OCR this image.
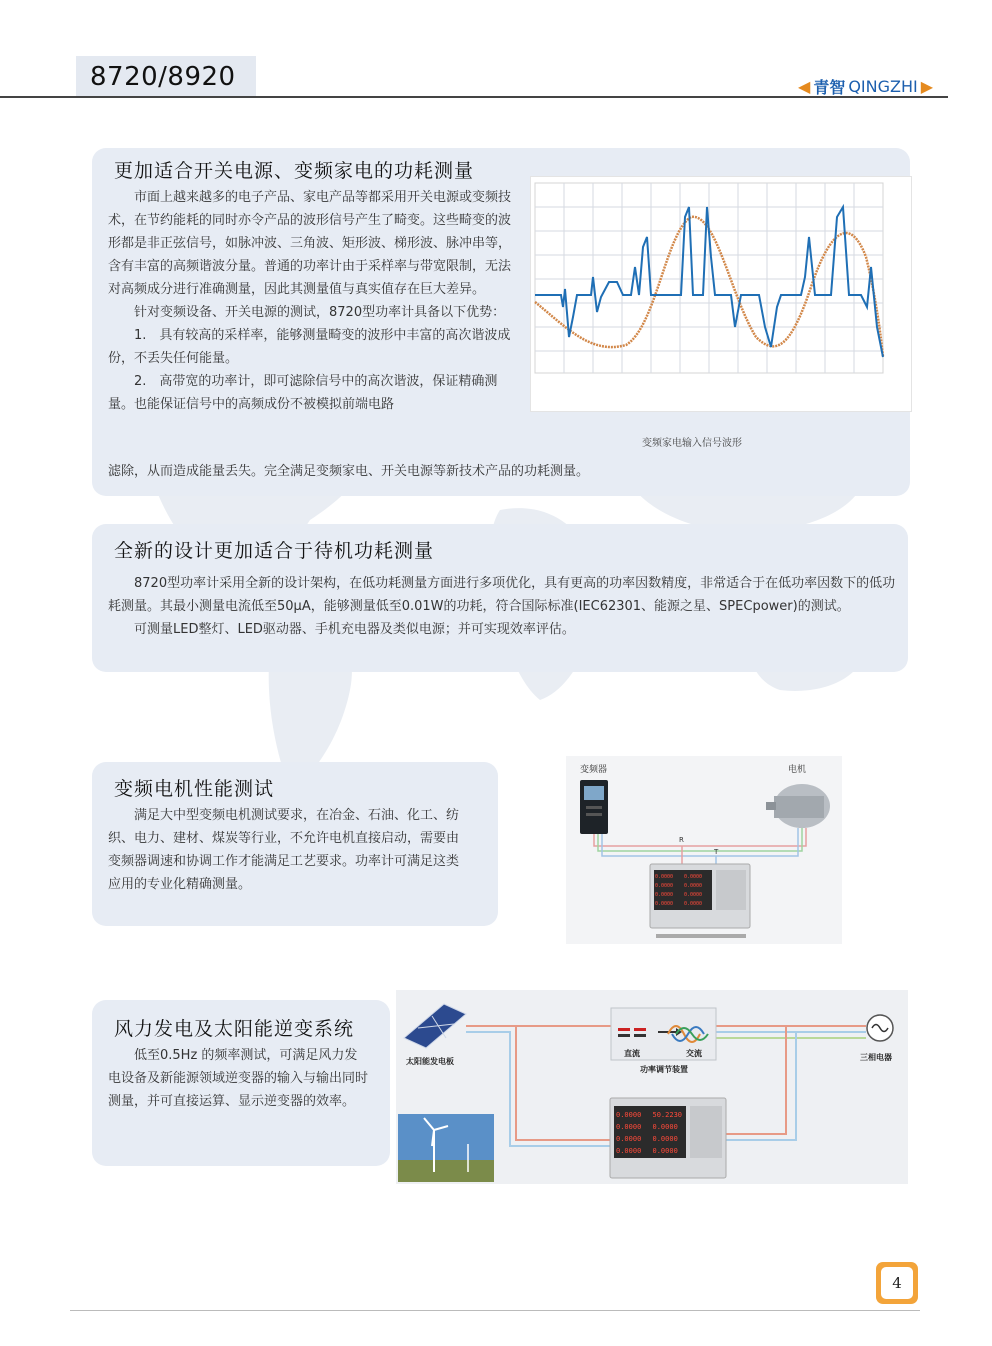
8720/8920	◀ 青智 QINGZHI ▶
更加适合开关电源、变频家电的功耗测量
变频家电输入信号波形

市面上越来越多的电子产品、家电产品等都采用开关电源或变频技术，在节约能耗的同时亦令产品的波形信号产生了畸变。这些畸变的波形都是非正弦信号，如脉冲波、三角波、矩形波、梯形波、脉冲串等，含有丰富的高频谐波分量。普通的功率计由于采样率与带宽限制，无法对高频成分进行准确测量，因此其测量值与真实值存在巨大差异。

针对变频设备、开关电源的测试，8720型功率计具备以下优势：

1.　具有较高的采样率，能够测量畸变的波形中丰富的高次谐波成份，不丢失任何能量。

2.　高带宽的功率计，即可滤除信号中的高次谐波，保证精确测量。也能保证信号中的高频成份不被模拟前端电路

滤除，从而造成能量丢失。完全满足变频家电、开关电源等新技术产品的功耗测量。
全新的设计更加适合于待机功耗测量

8720型功率计采用全新的设计架构，在低功耗测量方面进行多项优化，具有更高的功率因数精度，非常适合于在低功率因数下的低功耗测量。其最小测量电流低至50μA，能够测量低至0.01W的功耗，符合国际标准(IEC62301、能源之星、SPECpower)的测试。

可测量LED整灯、LED驱动器、手机充电器及类似电源；并可实现效率评估。

变频电机性能测试

满足大中型变频电机测试要求，在冶金、石油、化工、纺织、电力、建材、煤炭等行业，不允许电机直接启动，需要由变频器调速和协调工作才能满足工艺要求。功率计可满足这类应用的专业化精确测量。

变频器	电机
R
T
0.0000	0.0000
0.0000	0.0000
0.0000	0.0000
0.0000	0.0000
风力发电及太阳能逆变系统

低至0.5Hz 的频率测试，可满足风力发电设备及新能源领域逆变器的输入与输出同时测量，并可直接运算、显示逆变器的效率。

太阳能发电板
直流	交流
功率调节装置
三相电器
0.0000	50.2230
0.0000	0.0000
0.0000	0.0000
0.0000	0.0000
4
